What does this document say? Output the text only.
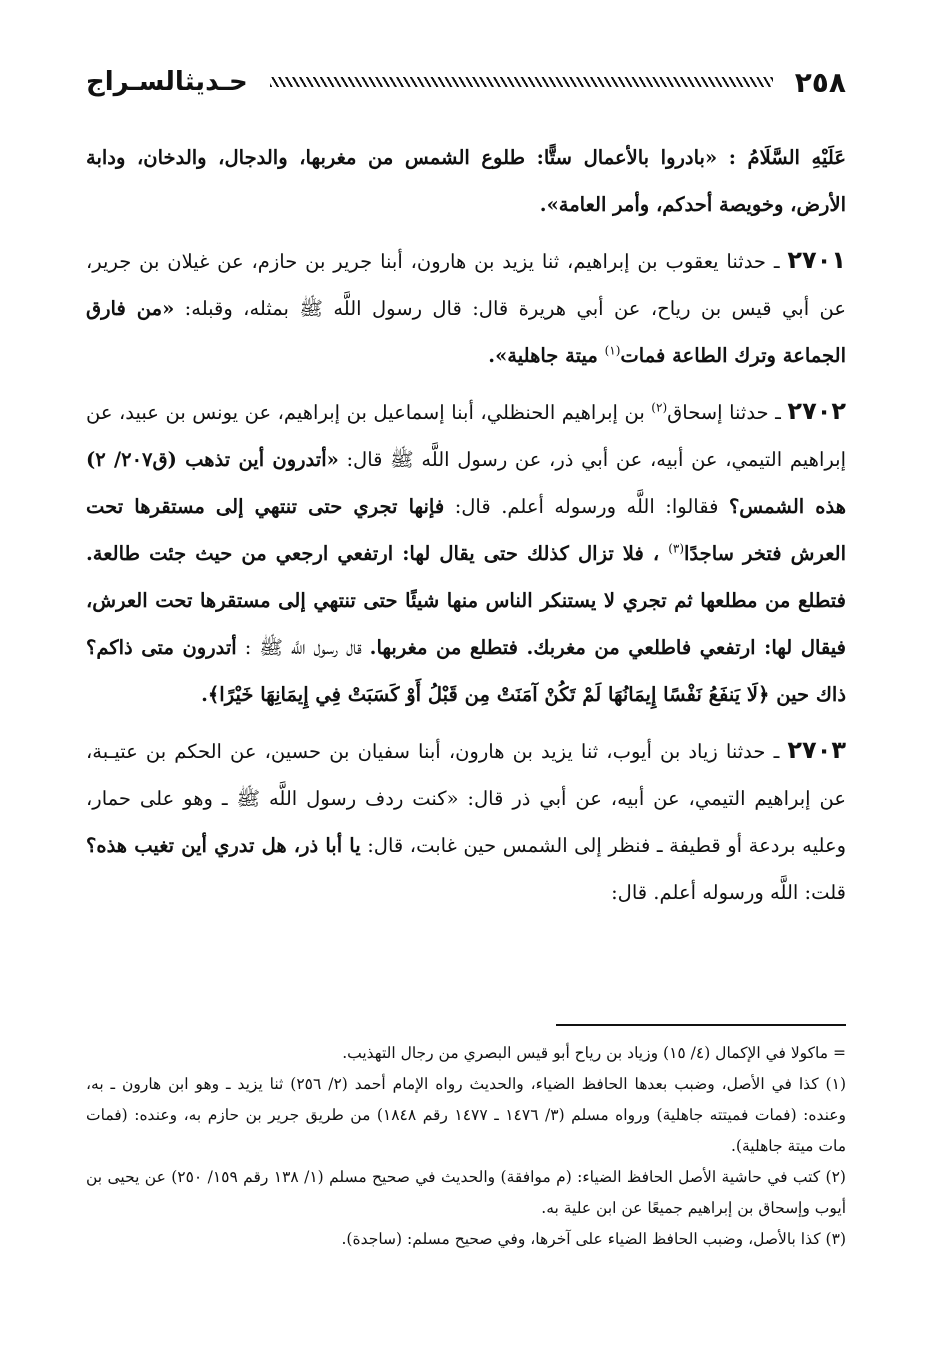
٢٥٨
حـديثالسـراج

عَلَيْهِ السَّلَامُ : «بادروا بالأعمال ستًّا: طلوع الشمس من مغربها، والدجال، والدخان، ودابة الأرض، وخويصة أحدكم، وأمر العامة».

٢٧٠١ ـ حدثنا يعقوب بن إبراهيم، ثنا يزيد بن هارون، أبنا جرير بن حازم، عن غيلان بن جرير، عن أبي قيس بن رياح، عن أبي هريرة قال: قال رسول اللَّه ﷺ بمثله، وقبله: «من فارق الجماعة وترك الطاعة فمات$^{(١)}$ ميتة جاهلية».

٢٧٠٢ ـ حدثنا إسحاق$^{(٢)}$ بن إبراهيم الحنظلي، أبنا إسماعيل بن إبراهيم، عن يونس بن عبيد، عن إبراهيم التيمي، عن أبيه، عن أبي ذر، عن رسول اللَّه ﷺ قال: «أتدرون أين تذهب (ق٢٠٧/ ٢) هذه الشمس؟ فقالوا: اللَّه ورسوله أعلم. قال: فإنها تجري حتى تنتهي إلى مستقرها تحت العرش فتخر ساجدًا$^{(٣)}$ ، فلا تزال كذلك حتى يقال لها: ارتفعي ارجعي من حيث جئت طالعة. فتطلع من مطلعها ثم تجري لا يستنكر الناس منها شيئًا حتى تنتهي إلى مستقرها تحت العرش، فيقال لها: ارتفعي فاطلعي من مغربك. فتطلع من مغربها. قال رسول اللَّه ﷺ : أتدرون متى ذاكم؟ ذاك حين ﴿لَا يَنفَعُ نَفْسًا إِيمَانُهَا لَمْ تَكُنْ آمَنَتْ مِن قَبْلُ أَوْ كَسَبَتْ فِي إِيمَانِهَا خَيْرًا﴾.

٢٧٠٣ ـ حدثنا زياد بن أيوب، ثنا يزيد بن هارون، أبنا سفيان بن حسين، عن الحكم بن عتيـبة، عن إبراهيم التيمي، عن أبيه، عن أبي ذر قال: «كنت ردف رسول اللَّه ﷺ ـ وهو على حمار، وعليه بردعة أو قطيفة ـ فنظر إلى الشمس حين غابت، قال: يا أبا ذر، هل تدري أين تغيب هذه؟ قلت: اللَّه ورسوله أعلم. قال:

= ماكولا في الإكمال (٤/ ١٥) وزياد بن رياح أبو قيس البصري من رجال التهذيب.

(١) كذا في الأصل، وضبب بعدها الحافظ الضياء، والحديث رواه الإمام أحمد (٢/ ٢٥٦) ثنا يزيد ـ وهو ابن هارون ـ به، وعنده: (فمات فميتته جاهلية) ورواه مسلم (٣/ ١٤٧٦ ـ ١٤٧٧ رقم ١٨٤٨) من طريق جرير بن حازم به، وعنده: (فمات مات ميتة جاهلية).

(٢) كتب في حاشية الأصل الحافظ الضياء: (م موافقة) والحديث في صحيح مسلم (١/ ١٣٨ رقم ١٥٩/ ٢٥٠) عن يحيى بن أيوب وإسحاق بن إبراهيم جميعًا عن ابن علية به.

(٣) كذا بالأصل، وضبب الحافظ الضياء على آخرها، وفي صحيح مسلم: (ساجدة).
